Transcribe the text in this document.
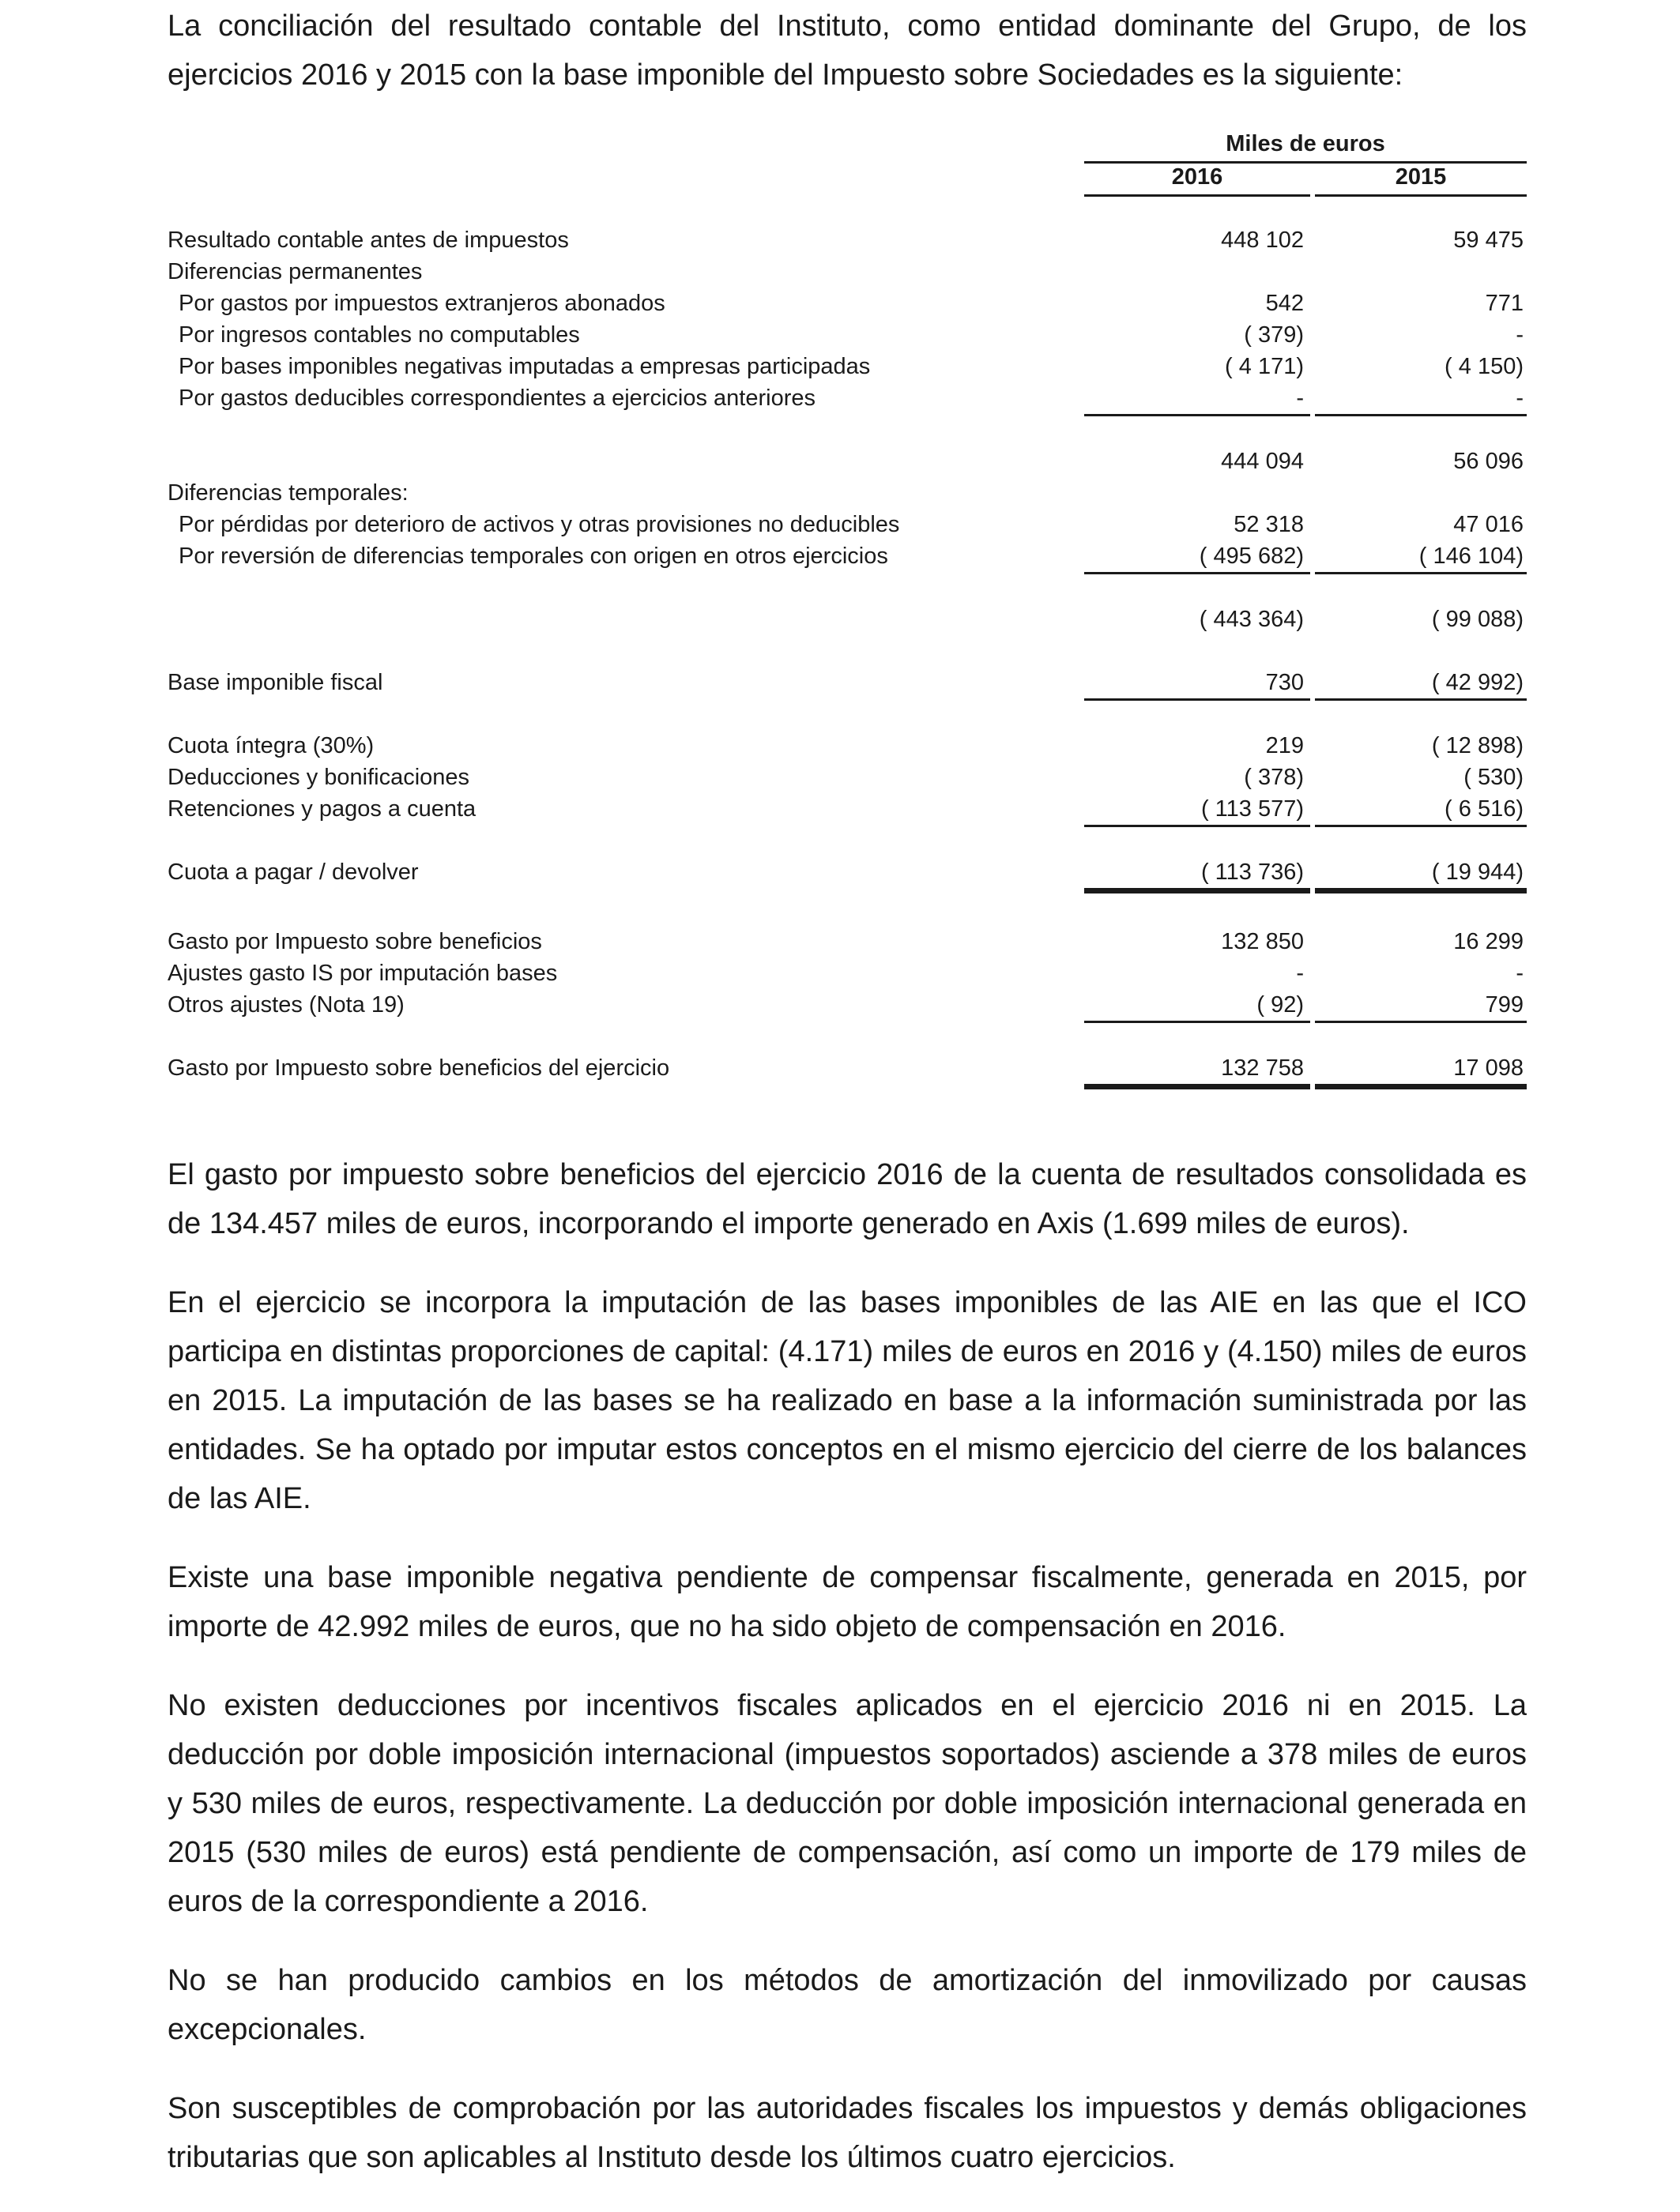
La conciliación del resultado contable del Instituto, como entidad dominante del Grupo, de los ejercicios 2016 y 2015 con la base imponible del Impuesto sobre Sociedades es la siguiente:

Miles de euros
2016	2015
Resultado contable antes de impuestos	448 102	59 475
Diferencias permanentes
Por gastos por impuestos extranjeros abonados	542	771
Por ingresos contables no computables	( 379)	-
Por bases imponibles negativas imputadas a empresas participadas	( 4 171)	( 4 150)
Por gastos deducibles correspondientes a ejercicios anteriores	-	-
444 094	56 096
Diferencias temporales:
Por pérdidas por deterioro de activos y otras provisiones no deducibles	52 318	47 016
Por reversión de diferencias temporales con origen en otros ejercicios	( 495 682)	( 146 104)
( 443 364)	( 99 088)
Base imponible fiscal	730	( 42 992)
Cuota íntegra (30%)	219	( 12 898)
Deducciones y bonificaciones	( 378)	( 530)
Retenciones y pagos a cuenta	( 113 577)	( 6 516)
Cuota a pagar / devolver	( 113 736)	( 19 944)
Gasto por Impuesto sobre beneficios	132 850	16 299
Ajustes gasto IS por imputación bases	-	-
Otros ajustes (Nota 19)	( 92)	799
Gasto por Impuesto sobre beneficios del ejercicio	132 758	17 098

El gasto por impuesto sobre beneficios del ejercicio 2016 de la cuenta de resultados consolidada es de 134.457 miles de euros, incorporando el importe generado en Axis (1.699 miles de euros).

En el ejercicio se incorpora la imputación de las bases imponibles de las AIE en las que el ICO participa en distintas proporciones de capital: (4.171) miles de euros en 2016 y (4.150) miles de euros en 2015. La imputación de las bases se ha realizado en base a la información suministrada por las entidades. Se ha optado por imputar estos conceptos en el mismo ejercicio del cierre de los balances de las AIE.

Existe una base imponible negativa pendiente de compensar fiscalmente, generada en 2015, por importe de 42.992 miles de euros, que no ha sido objeto de compensación en 2016.

No existen deducciones por incentivos fiscales aplicados en el ejercicio 2016 ni en 2015. La deducción por doble imposición internacional (impuestos soportados) asciende a 378 miles de euros y 530 miles de euros, respectivamente. La deducción por doble imposición internacional generada en 2015 (530 miles de euros) está pendiente de compensación, así como un importe de 179 miles de euros de la correspondiente a 2016.

No se han producido cambios en los métodos de amortización del inmovilizado por causas excepcionales.

Son susceptibles de comprobación por las autoridades fiscales los impuestos y demás obligaciones tributarias que son aplicables al Instituto desde los últimos cuatro ejercicios.
